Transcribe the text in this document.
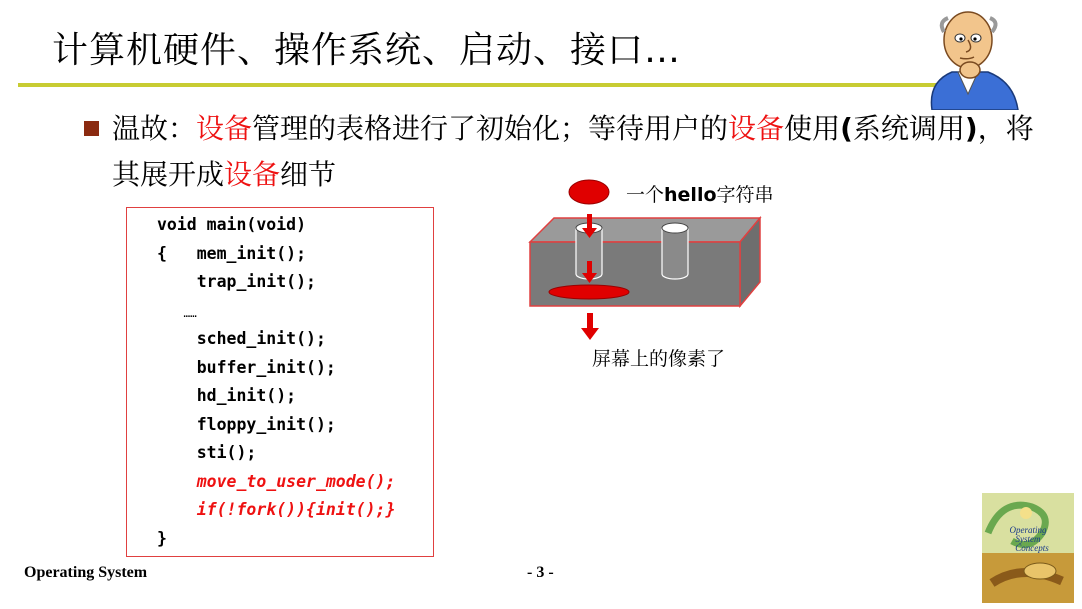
计算机硬件、操作系统、启动、接口…
温故：设备管理的表格进行了初始化；等待用户的设备使用(系统调用)，将其展开成设备细节
void main(void)
{   mem_init();
trap_init();
……
sched_init();
buffer_init();
hd_init();
floppy_init();
sti();
move_to_user_mode();
if(!fork()){init();}
}
一个hello字符串
屏幕上的像素了
Operating System	- 3 -
Operating
System
Concepts
